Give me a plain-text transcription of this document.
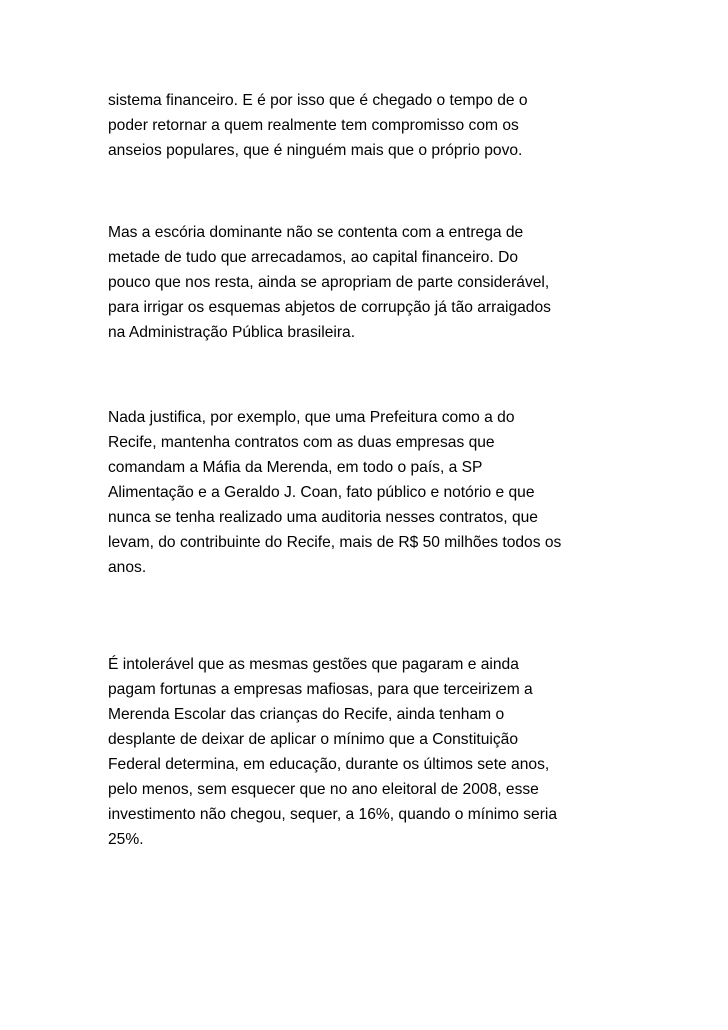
sistema financeiro. E é por isso que é chegado o tempo de o
poder retornar a quem realmente tem compromisso com os
anseios populares, que é ninguém mais que o próprio povo.
Mas a escória dominante não se contenta com a entrega de
metade de tudo que arrecadamos, ao capital financeiro. Do
pouco que nos resta, ainda se apropriam de parte considerável,
para irrigar os esquemas abjetos de corrupção já tão arraigados
na Administração Pública brasileira.
Nada justifica, por exemplo, que uma Prefeitura como a do
Recife, mantenha contratos com as duas empresas que
comandam a Máfia da Merenda, em todo o país, a SP
Alimentação e a Geraldo J. Coan, fato público e notório e que
nunca se tenha realizado uma auditoria nesses contratos, que
levam, do contribuinte do Recife, mais de R$ 50 milhões todos os
anos.
É intolerável que as mesmas gestões que pagaram e ainda
pagam fortunas a empresas mafiosas, para que terceirizem a
Merenda Escolar das crianças do Recife, ainda tenham o
desplante de deixar de aplicar o mínimo que a Constituição
Federal determina, em educação, durante os últimos sete anos,
pelo menos, sem esquecer que no ano eleitoral de 2008, esse
investimento não chegou, sequer, a 16%, quando o mínimo seria
25%.
